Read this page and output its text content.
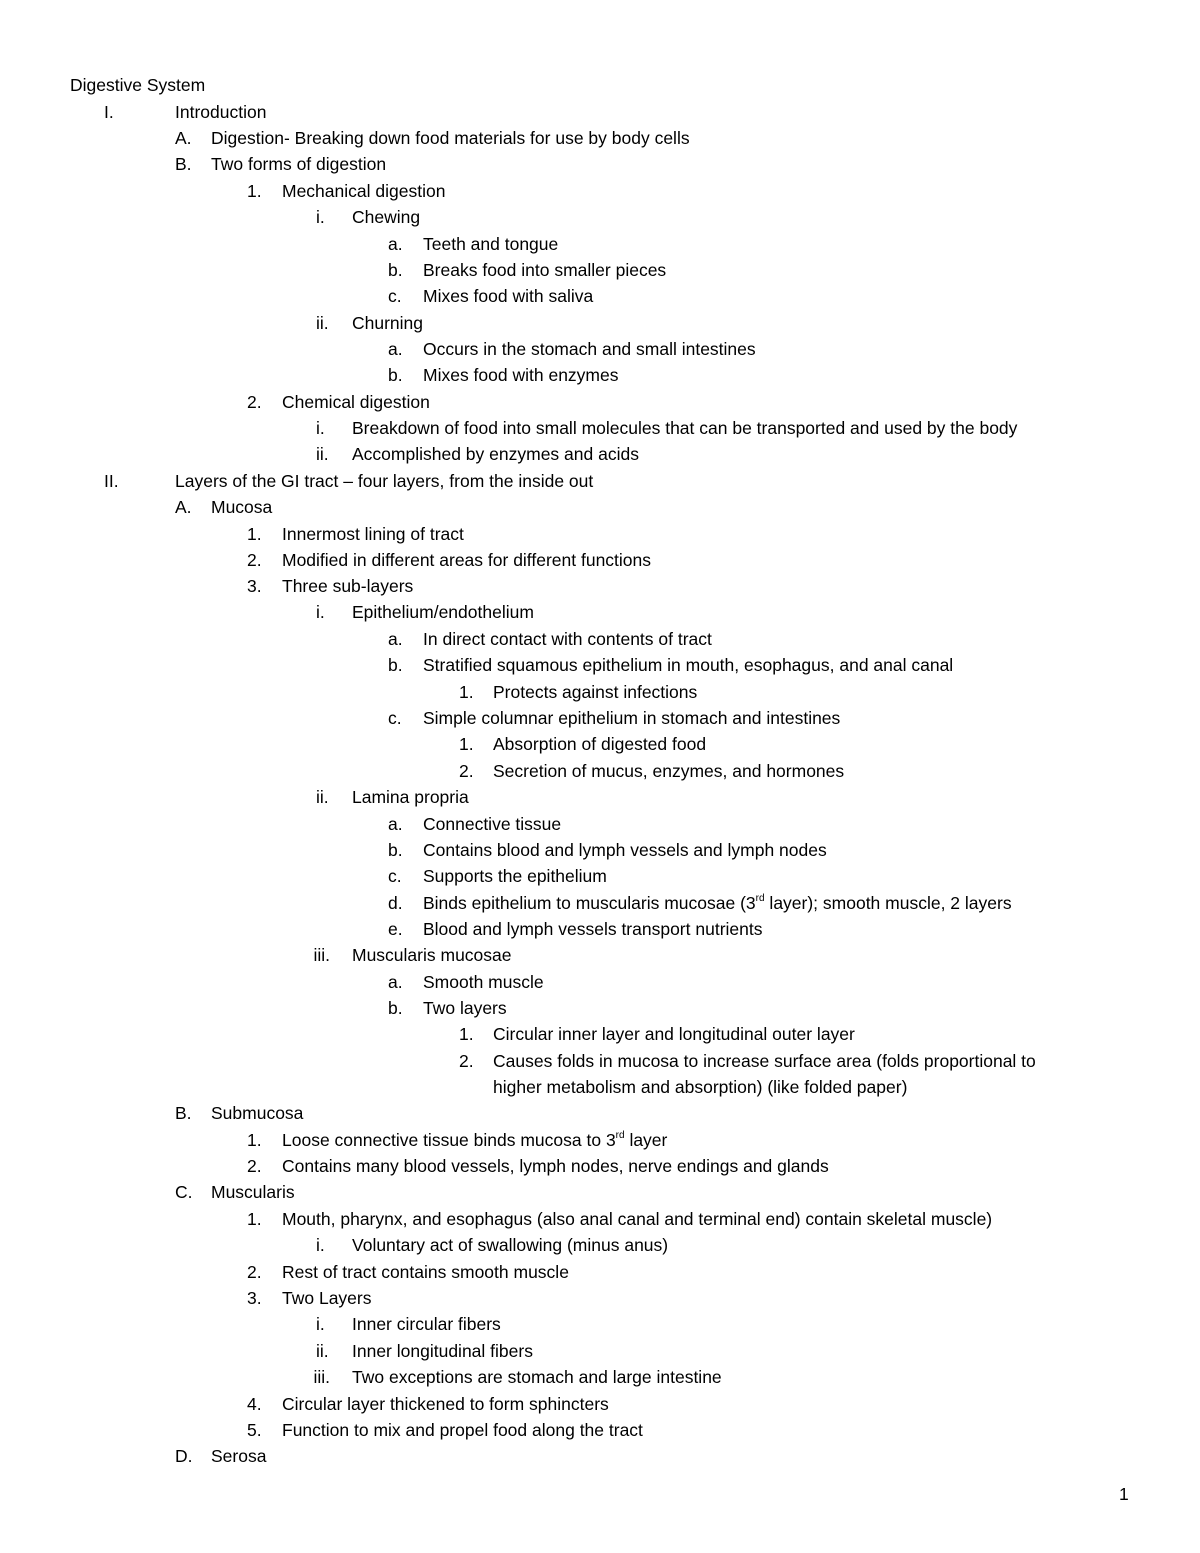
Digestive System
I.	Introduction
A.	Digestion- Breaking down food materials for use by body cells
B.	Two forms of digestion
1.	Mechanical digestion
i.	Chewing
a.	Teeth and tongue
b.	Breaks food into smaller pieces
c.	Mixes food with saliva
ii.	Churning
a.	Occurs in the stomach and small intestines
b.	Mixes food with enzymes
2.	Chemical digestion
i.	Breakdown of food into small molecules that can be transported and used by the body
ii.	Accomplished by enzymes and acids
II.	Layers of the GI tract – four layers, from the inside out
A.	Mucosa
1.	Innermost lining of tract
2.	Modified in different areas for different functions
3.	Three sub-layers
i.	Epithelium/endothelium
a.	In direct contact with contents of tract
b.	Stratified squamous epithelium in mouth, esophagus, and anal canal
1.	Protects against infections
c.	Simple columnar epithelium in stomach and intestines
1.	Absorption of digested food
2.	Secretion of mucus, enzymes, and hormones
ii.	Lamina propria
a.	Connective tissue
b.	Contains blood and lymph vessels and lymph nodes
c.	Supports the epithelium
d.	Binds epithelium to muscularis mucosae (3rd layer); smooth muscle, 2 layers
e.	Blood and lymph vessels transport nutrients
iii. Muscularis mucosae
a.	Smooth muscle
b.	Two layers
1.	Circular inner layer and longitudinal outer layer
2.	Causes folds in mucosa to increase surface area (folds proportional to
higher metabolism and absorption) (like folded paper)
B.	Submucosa
1.	Loose connective tissue binds mucosa to 3rd layer
2.	Contains many blood vessels, lymph nodes, nerve endings and glands
C.	Muscularis
1.	Mouth, pharynx, and esophagus (also anal canal and terminal end) contain skeletal muscle)
i.	Voluntary act of swallowing (minus anus)
2.	Rest of tract contains smooth muscle
3.	Two Layers
i.	Inner circular fibers
ii.	Inner longitudinal fibers
iii. Two exceptions are stomach and large intestine
4.	Circular layer thickened to form sphincters
5.	Function to mix and propel food along the tract
D.	Serosa
1
